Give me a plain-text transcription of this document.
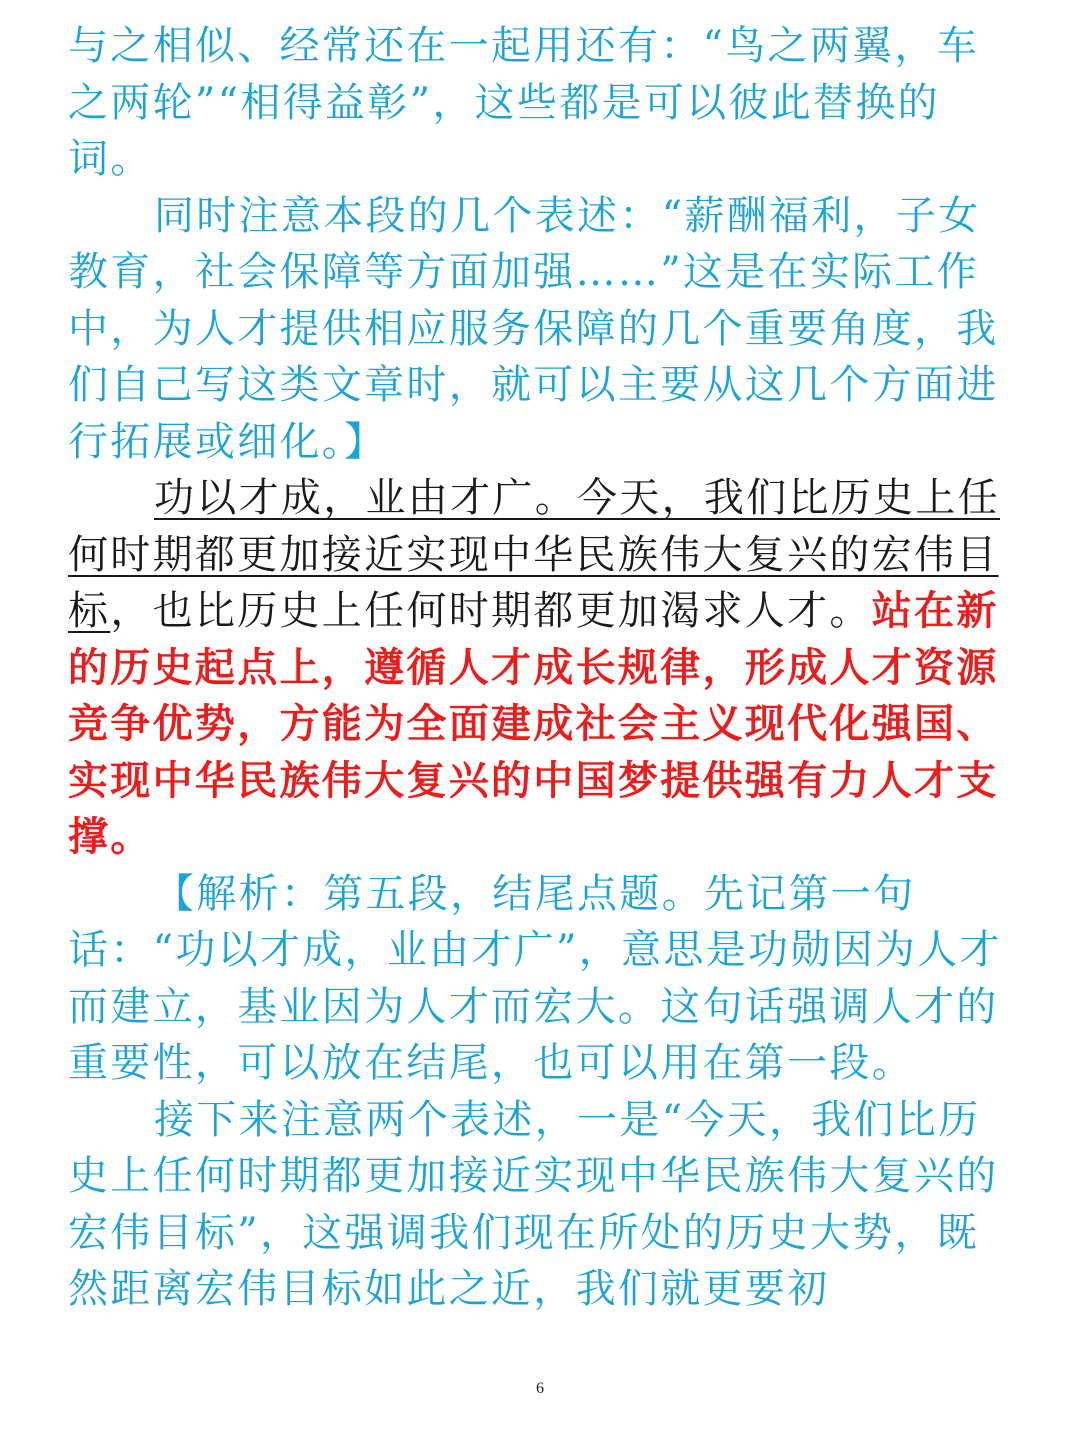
与之相似、经常还在一起用还有：“鸟之两翼，车之两轮”“相得益彰”，这些都是可以彼此替换的词。

同时注意本段的几个表述：“薪酬福利，子女教育，社会保障等方面加强……”这是在实际工作中，为人才提供相应服务保障的几个重要角度，我们自己写这类文章时，就可以主要从这几个方面进行拓展或细化。】

功以才成，业由才广。今天，我们比历史上任何时期都更加接近实现中华民族伟大复兴的宏伟目标，也比历史上任何时期都更加渴求人才。站在新的历史起点上，遵循人才成长规律，形成人才资源竞争优势，方能为全面建成社会主义现代化强国、实现中华民族伟大复兴的中国梦提供强有力人才支撑。

【解析：第五段，结尾点题。先记第一句话：“功以才成，业由才广”，意思是功勋因为人才而建立，基业因为人才而宏大。这句话强调人才的重要性，可以放在结尾，也可以用在第一段。

接下来注意两个表述，一是“今天，我们比历史上任何时期都更加接近实现中华民族伟大复兴的宏伟目标”，这强调我们现在所处的历史大势，既然距离宏伟目标如此之近，我们就更要初

6
